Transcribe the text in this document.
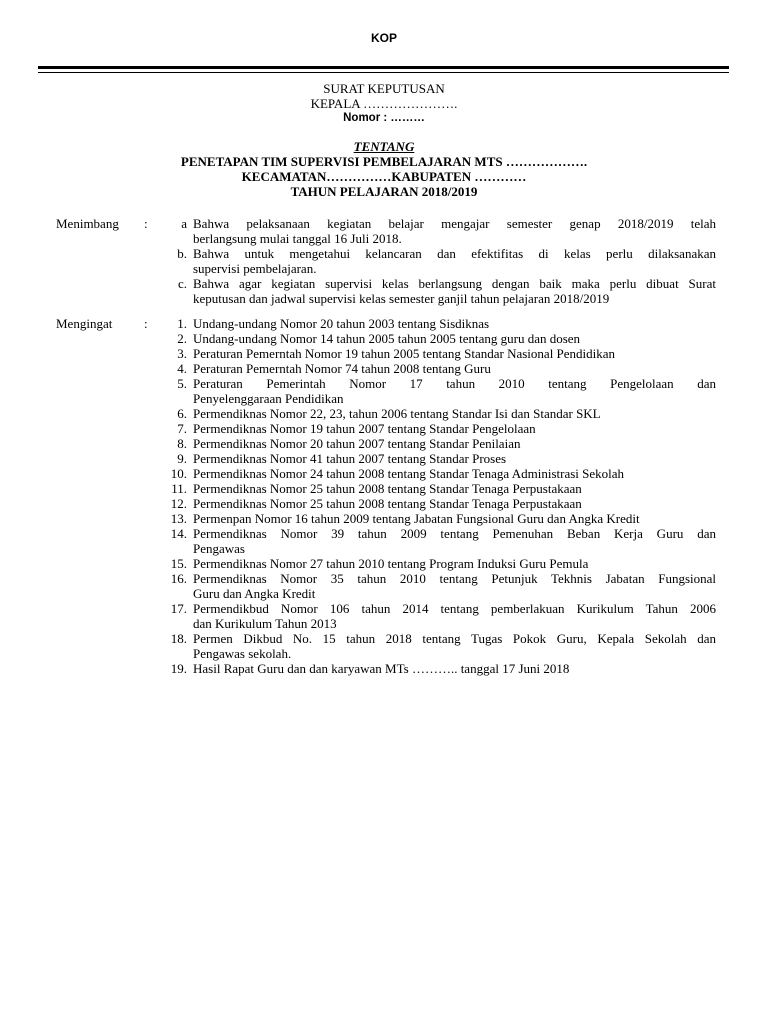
KOP
SURAT KEPUTUSAN
KEPALA ………………….
Nomor : ………
TENTANG
PENETAPAN TIM SUPERVISI PEMBELAJARAN MTS ……………….
KECAMATAN……………KABUPATEN …………
TAHUN PELAJARAN 2018/2019
Menimbang :	a Bahwa pelaksanaan kegiatan belajar mengajar semester genap 2018/2019 telah
berlangsung mulai tanggal 16 Juli 2018.
b. Bahwa untuk mengetahui kelancaran dan efektifitas di kelas perlu dilaksanakan
supervisi pembelajaran.
c. Bahwa agar kegiatan supervisi kelas berlangsung dengan baik maka perlu dibuat Surat
keputusan dan jadwal supervisi kelas semester ganjil tahun pelajaran 2018/2019
Mengingat :	1. Undang-undang Nomor 20 tahun 2003 tentang Sisdiknas
2. Undang-undang Nomor 14 tahun 2005 tahun 2005 tentang guru dan dosen
3. Peraturan Pemerntah Nomor 19 tahun 2005 tentang Standar Nasional Pendidikan
4. Peraturan Pemerntah Nomor 74 tahun 2008 tentang Guru
5. Peraturan Pemerintah Nomor 17 tahun 2010 tentang Pengelolaan dan
Penyelenggaraan Pendidikan
6. Permendiknas Nomor 22, 23, tahun 2006 tentang Standar Isi dan Standar SKL
7. Permendiknas Nomor 19 tahun 2007 tentang Standar Pengelolaan
8. Permendiknas Nomor 20 tahun 2007 tentang Standar Penilaian
9. Permendiknas Nomor 41 tahun 2007 tentang Standar Proses
10. Permendiknas Nomor 24 tahun 2008 tentang Standar Tenaga Administrasi Sekolah
11. Permendiknas Nomor 25 tahun 2008 tentang Standar Tenaga Perpustakaan
12. Permendiknas Nomor 25 tahun 2008 tentang Standar Tenaga Perpustakaan
13. Permenpan Nomor 16 tahun 2009 tentang Jabatan Fungsional Guru dan Angka Kredit
14. Permendiknas Nomor 39 tahun 2009 tentang Pemenuhan Beban Kerja Guru dan
Pengawas
15. Permendiknas Nomor 27 tahun 2010 tentang Program Induksi Guru Pemula
16. Permendiknas Nomor 35 tahun 2010 tentang Petunjuk Tekhnis Jabatan Fungsional
Guru dan Angka Kredit
17. Permendikbud Nomor 106 tahun 2014 tentang pemberlakuan Kurikulum Tahun 2006
dan Kurikulum Tahun 2013
18. Permen Dikbud No. 15 tahun 2018 tentang Tugas Pokok Guru, Kepala Sekolah dan
Pengawas sekolah.
19. Hasil Rapat Guru dan dan karyawan MTs ……….. tanggal 17 Juni 2018
